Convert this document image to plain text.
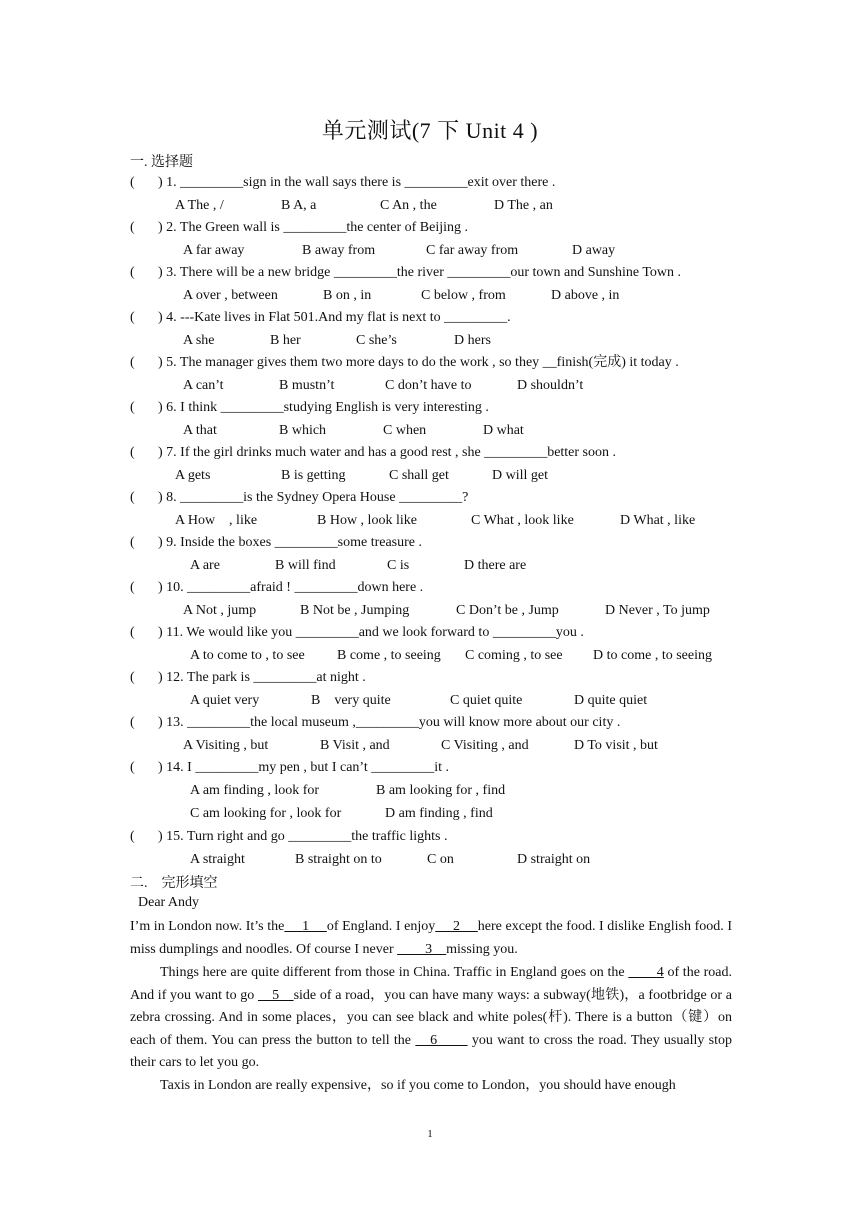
单元测试(7 下 Unit 4 )
一. 选择题
( ) 1. _________sign in the wall says there is _________exit over there .
A The , /	B A, a	C An , the	D The , an
( ) 2. The Green wall is _________the center of Beijing .
A far away	B away from	C far away from	D away
( ) 3. There will be a new bridge _________the river _________our town and Sunshine Town .
A over , between	B on , in	C below , from	D above , in
( ) 4. ---Kate lives in Flat 501.And my flat is next to _________.
A she	B her	C she’s	D hers
( ) 5. The manager gives them two more days to do the work , so they __finish(完成) it today .
A can’t	B mustn’t	C don’t have to	D shouldn’t
( ) 6. I think _________studying English is very interesting .
A that	B which	C when	D what
( ) 7. If the girl drinks much water and has a good rest , she _________better soon .
A gets	B is getting	C shall get	D will get
( ) 8. _________is the Sydney Opera House _________?
A How　, like	B How , look like	C What , look like	D What , like
( ) 9. Inside the boxes _________some treasure .
A are	B will find	C is	D there are
( ) 10. _________afraid ! _________down here .
A Not , jump	B Not be , Jumping	C Don’t be , Jump	D Never , To jump
( ) 11. We would like you _________and we look forward to _________you .
A to come to , to see B come , to seeing C coming , to see D to come , to seeing
( ) 12. The park is _________at night .
A quiet very	B　very quite	C quiet quite	D quite quiet
( ) 13. _________the local museum ,_________you will know more about our city .
A Visiting , but	B Visit , and	C Visiting , and	D To visit , but
( ) 14. I _________my pen , but I can’t _________it .
A am finding , look for	B am looking for , find
C am looking for , look for	D am finding , find
( ) 15. Turn right and go _________the traffic lights .
A straight	B straight on to	C on	D straight on
二.　完形填空
Dear Andy
I’m in London now. It’s the　 1　 of England. I enjoy　 2　 here except the food. I dislike English food. I miss dumplings and noodles. Of course I never 　　3　missing you.
Things here are quite different from those in China. Traffic in England goes on the 　　4 of the road. And if you want to go 　5　side of a road，you can have many ways: a subway(地铁)，a footbridge or a zebra crossing. And in some places，you can see black and white poles(杆). There is a button（键）on each of them. You can press the button to tell the 　6　　 you want to cross the road. They usually stop their cars to let you go.
Taxis in London are really expensive，so if you come to London，you should have enough
1
